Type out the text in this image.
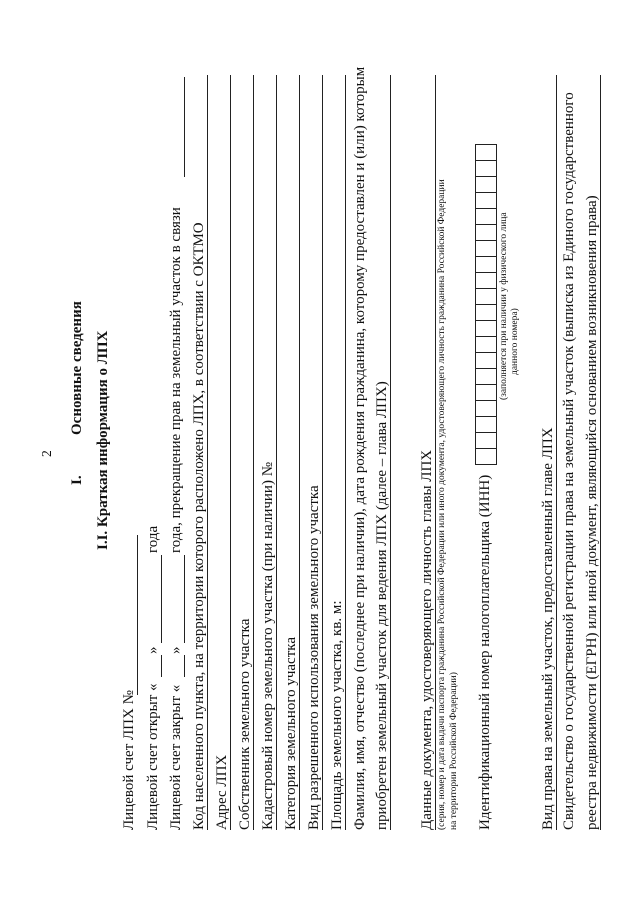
2
I.
Основные сведения I.I. Краткая информация о ЛПХ
Лицевой счет ЛПХ № Лицевой счет открыт «
»
года
Лицевой счет закрыт «
»
года, прекращение прав на земельный участок в связи Код населенного пункта, на территории которого расположено ЛПХ, в соответствии с ОКТМО Адрес ЛПХ Собственник земельного участка Кадастровый номер земельного участка (при наличии) № Категория земельного участка Вид разрешенного использования земельного участка Площадь земельного участка, кв. м: Фамилия, имя, отчество (последнее при наличии), дата рождения гражданина, которому предоставлен и (или) которым приобретен земельный участок для ведения ЛПХ (далее – глава ЛПХ) Данные документа, удостоверяющего личность главы ЛПХ (серия, номер и дата выдачи паспорта гражданина Российской Федерации или иного документа, удостоверяющего личность гражданина Российской Федерации на территории Российской Федерации) Идентификационный номер налогоплательщика (ИНН)
(заполняется при наличии у физического лица данного номера)
Вид права на земельный участок, предоставленный главе ЛПХ Свидетельство о государственной регистрации права на земельный участок (выписка из Единого государственного реестра недвижимости (ЕГРН) или иной документ, являющийся основанием возникновения права)
